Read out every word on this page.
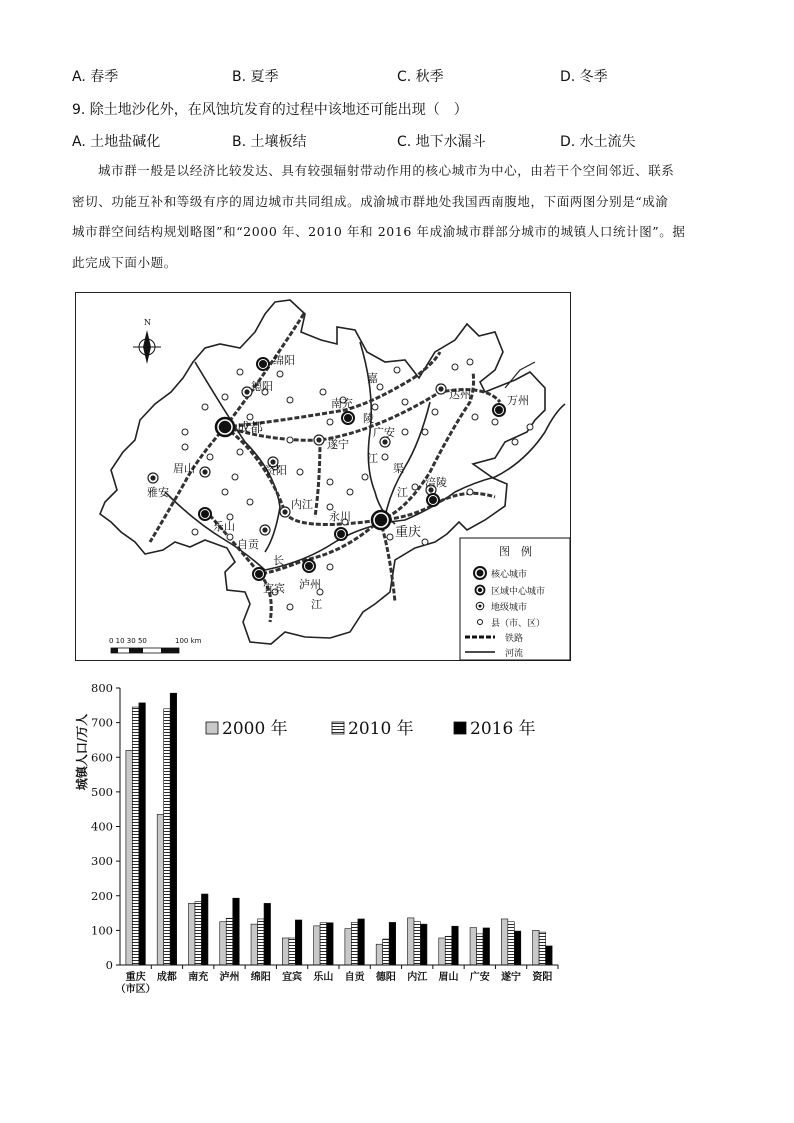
A. 春季	B. 夏季	C. 秋季	D. 冬季
9. 除土地沙化外，在风蚀坑发育的过程中该地还可能出现（　）
A. 土地盐碱化	B. 土壤板结	C. 地下水漏斗	D. 水土流失
城市群一般是以经济比较发达、具有较强辐射带动作用的核心城市为中心，由若干个空间邻近、联系
密切、功能互补和等级有序的周边城市共同组成。成渝城市群地处我国西南腹地，下面两图分别是“成渝
城市群空间结构规划略图”和“2000 年、2010 年和 2016 年成渝城市群部分城市的城镇人口统计图”。据
此完成下面小题。
绵阳
德阳
成都
南充
达州	万州
遂宁
广安
资阳
眉山
雅安
乐山
内江
永川
重庆
涪陵
自贡
宜宾 泸州
嘉
陵
江
渠
江
长
江
N
0 10 30 50	100 km
图　例
核心城市
区域中心城市
地级城市
县（市、区）
铁路
河流
0
100
200
300
400
500
600
700
800
重庆
（市区）
成都 南充 泸州 绵阳 宜宾 乐山 自贡 德阳 内江 眉山 广安 遂宁 资阳
城镇人口/万人	2000 年	2010 年	2016 年
